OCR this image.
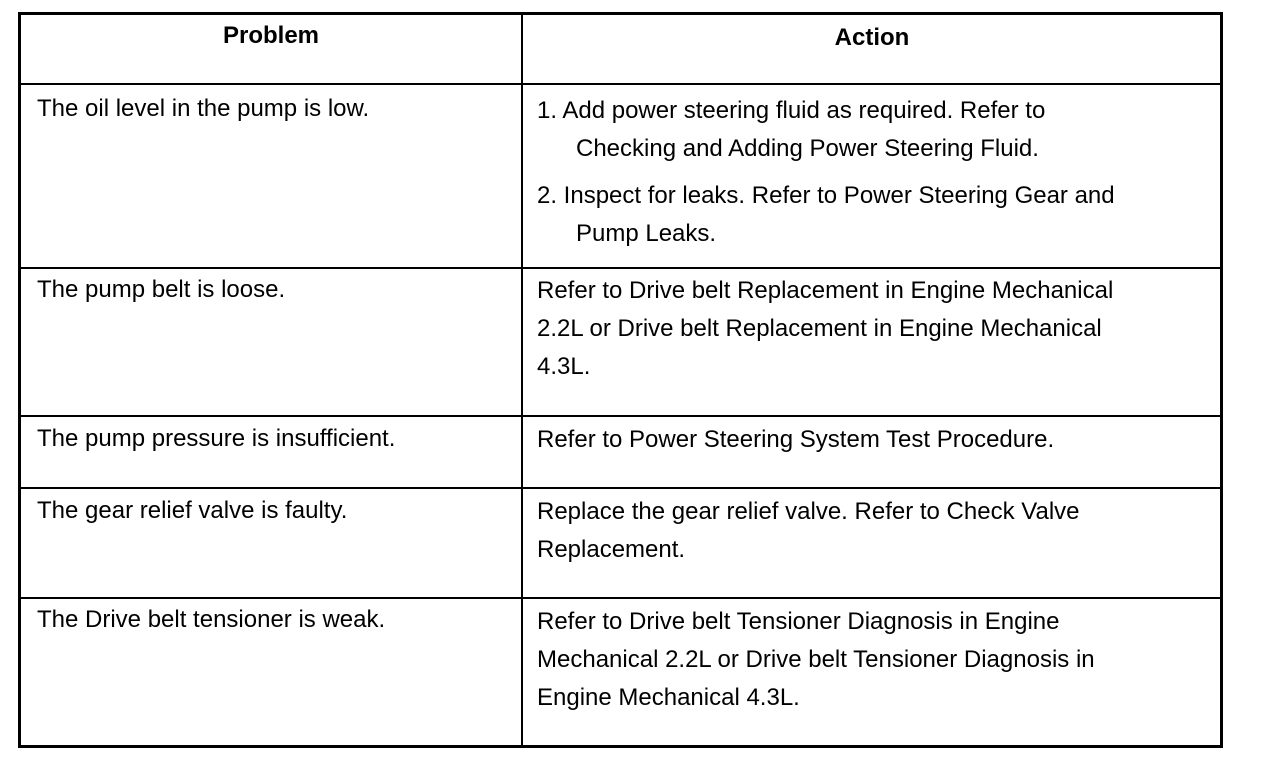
Problem	Action
The oil level in the pump is low.	1. Add power steering fluid as required. Refer to
Checking and Adding Power Steering Fluid.
2. Inspect for leaks. Refer to Power Steering Gear and
Pump Leaks.
The pump belt is loose.	Refer to Drive belt Replacement in Engine Mechanical
2.2L or Drive belt Replacement in Engine Mechanical
4.3L.
The pump pressure is insufficient.	Refer to Power Steering System Test Procedure.
The gear relief valve is faulty.	Replace the gear relief valve. Refer to Check Valve
Replacement.
The Drive belt tensioner is weak.	Refer to Drive belt Tensioner Diagnosis in Engine
Mechanical 2.2L or Drive belt Tensioner Diagnosis in
Engine Mechanical 4.3L.
